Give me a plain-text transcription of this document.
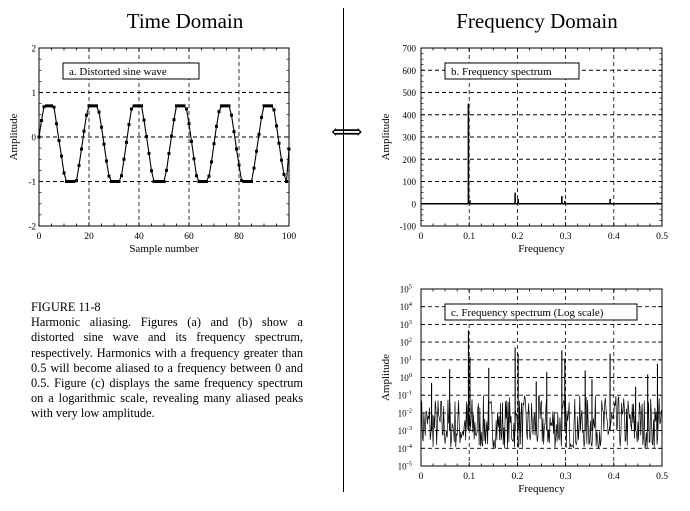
Time Domain	Frequency Domain
⟺
FIGURE 11-8
Harmonic aliasing. Figures (a) and (b) show a distorted sine wave and its frequency spectrum, respectively. Harmonics with a frequency greater than 0.5 will become aliased to a frequency between 0 and 0.5. Figure (c) displays the same frequency spectrum on a logarithmic scale, revealing many aliased peaks with very low amplitude.
0	20	40	60	80	100
-2
-1
0
1
2
Sample number
Amplitude
a. Distorted sine wave
0	0.1	0.2	0.3	0.4	0.5
-100
0
100
200
300
400
500
600
700
Frequency
Amplitude
b. Frequency spectrum
0	0.1	0.2	0.3	0.4	0.5
$10^{-5}$
$10^{-4}$
$10^{-3}$
$10^{-2}$
$10^{-1}$
$10^0$
$10^1$
$10^2$
$10^3$
$10^4$
$10^5$
Frequency
Amplitude
c. Frequency spectrum (Log scale)
